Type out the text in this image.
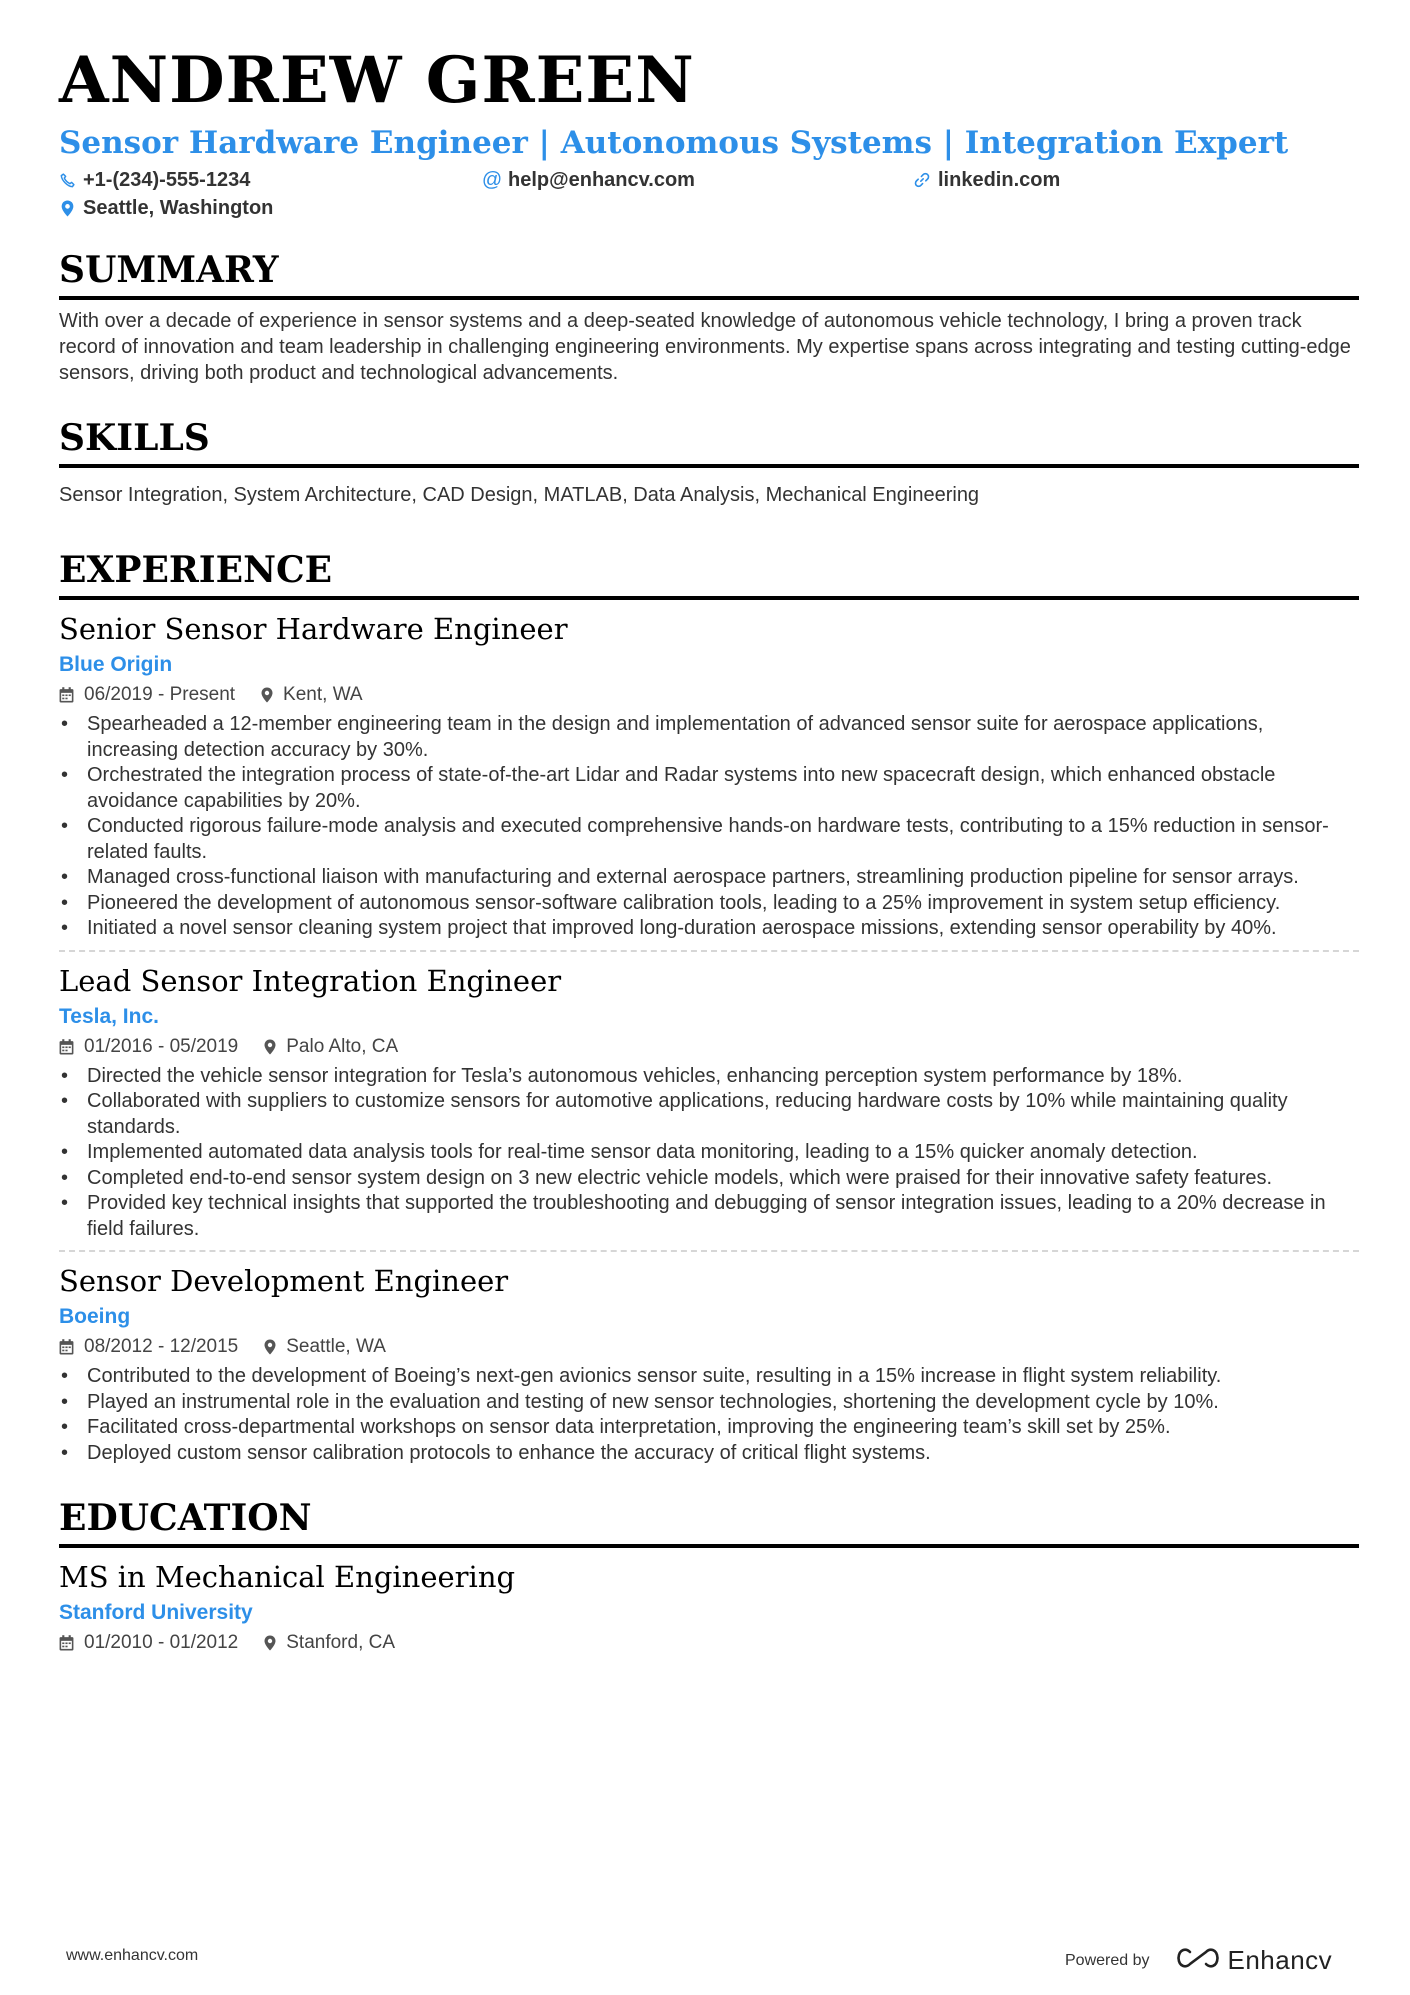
ANDREW GREEN
Sensor Hardware Engineer | Autonomous Systems | Integration Expert
+1-(234)-555-1234	@ help@enhancv.com	linkedin.com
Seattle, Washington
SUMMARY
With over a decade of experience in sensor systems and a deep-seated knowledge of autonomous vehicle technology, I bring a proven track record of innovation and team leadership in challenging engineering environments. My expertise spans across integrating and testing cutting-edge sensors, driving both product and technological advancements.
SKILLS
Sensor Integration, System Architecture, CAD Design, MATLAB, Data Analysis, Mechanical Engineering
EXPERIENCE
Senior Sensor Hardware Engineer
Blue Origin
06/2019 - Present	Kent, WA
• Spearheaded a 12-member engineering team in the design and implementation of advanced sensor suite for aerospace applications, increasing detection accuracy by 30%.
• Orchestrated the integration process of state-of-the-art Lidar and Radar systems into new spacecraft design, which enhanced obstacle avoidance capabilities by 20%.
• Conducted rigorous failure-mode analysis and executed comprehensive hands-on hardware tests, contributing to a 15% reduction in sensor-related faults.
• Managed cross-functional liaison with manufacturing and external aerospace partners, streamlining production pipeline for sensor arrays.
• Pioneered the development of autonomous sensor-software calibration tools, leading to a 25% improvement in system setup efficiency.
• Initiated a novel sensor cleaning system project that improved long-duration aerospace missions, extending sensor operability by 40%.
Lead Sensor Integration Engineer
Tesla, Inc.
01/2016 - 05/2019	Palo Alto, CA
• Directed the vehicle sensor integration for Tesla’s autonomous vehicles, enhancing perception system performance by 18%.
• Collaborated with suppliers to customize sensors for automotive applications, reducing hardware costs by 10% while maintaining quality standards.
• Implemented automated data analysis tools for real-time sensor data monitoring, leading to a 15% quicker anomaly detection.
• Completed end-to-end sensor system design on 3 new electric vehicle models, which were praised for their innovative safety features.
• Provided key technical insights that supported the troubleshooting and debugging of sensor integration issues, leading to a 20% decrease in field failures.
Sensor Development Engineer
Boeing
08/2012 - 12/2015	Seattle, WA
• Contributed to the development of Boeing’s next-gen avionics sensor suite, resulting in a 15% increase in flight system reliability.
• Played an instrumental role in the evaluation and testing of new sensor technologies, shortening the development cycle by 10%.
• Facilitated cross-departmental workshops on sensor data interpretation, improving the engineering team’s skill set by 25%.
• Deployed custom sensor calibration protocols to enhance the accuracy of critical flight systems.
EDUCATION
MS in Mechanical Engineering
Stanford University
01/2010 - 01/2012	Stanford, CA
www.enhancv.com	Powered by	Enhancv
